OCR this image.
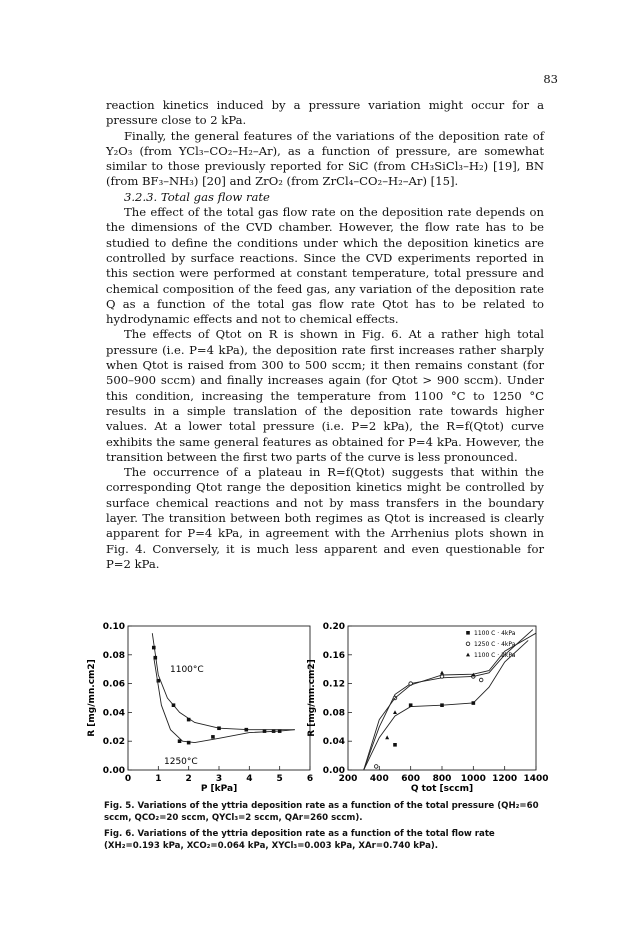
83

reaction kinetics induced by a pressure variation might occur for a pressure close to 2 kPa.

Finally, the general features of the variations of the deposition rate of Y₂O₃ (from YCl₃–CO₂–H₂–Ar), as a function of pressure, are somewhat similar to those previously reported for SiC (from CH₃SiCl₃–H₂) [19], BN (from BF₃–NH₃) [20] and ZrO₂ (from ZrCl₄–CO₂–H₂–Ar) [15].

3.2.3. Total gas flow rate

The effect of the total gas flow rate on the deposition rate depends on the dimensions of the CVD chamber. However, the flow rate has to be studied to define the conditions under which the deposition kinetics are controlled by surface reactions. Since the CVD experiments reported in this section were performed at constant temperature, total pressure and chemical composition of the feed gas, any variation of the deposition rate Q as a function of the total gas flow rate Qtot has to be related to hydrodynamic effects and not to chemical effects.

The effects of Qtot on R is shown in Fig. 6. At a rather high total pressure (i.e. P=4 kPa), the deposition rate first increases rather sharply when Qtot is raised from 300 to 500 sccm; it then remains constant (for 500–900 sccm) and finally increases again (for Qtot > 900 sccm). Under this condition, increasing the temperature from 1100 °C to 1250 °C results in a simple translation of the deposition rate towards higher values. At a lower total pressure (i.e. P=2 kPa), the R=f(Qtot) curve exhibits the same general features as obtained for P=4 kPa. However, the transition between the first two parts of the curve is less pronounced.

The occurrence of a plateau in R=f(Qtot) suggests that within the corresponding Qtot range the deposition kinetics might be controlled by surface chemical reactions and not by mass transfers in the boundary layer. The transition between both regimes as Qtot is increased is clearly apparent for P=4 kPa, in agreement with the Arrhenius plots shown in Fig. 4. Conversely, it is much less apparent and even questionable for P=2 kPa.

0	1	2	3	4	5	6
0.00
0.02
0.04
0.06
0.08
0.10
P [kPa]
R [mg/mn.cm2]	1100°C
1250°C
200 400 600 800 1000 1200 1400
0.00
0.04
0.08
0.12
0.16
0.20
Q tot [sccm]
R [mg/mn.cm2]
1100 C · 4kPa
1250 C · 4kPa
1100 C · 2kPa

Fig. 5. Variations of the yttria deposition rate as a function of the total pressure (QH₂=60 sccm, QCO₂=20 sccm, QYCl₃=2 sccm, QAr=260 sccm).

Fig. 6. Variations of the yttria deposition rate as a function of the total flow rate (XH₂=0.193 kPa, XCO₂=0.064 kPa, XYCl₃=0.003 kPa, XAr=0.740 kPa).
